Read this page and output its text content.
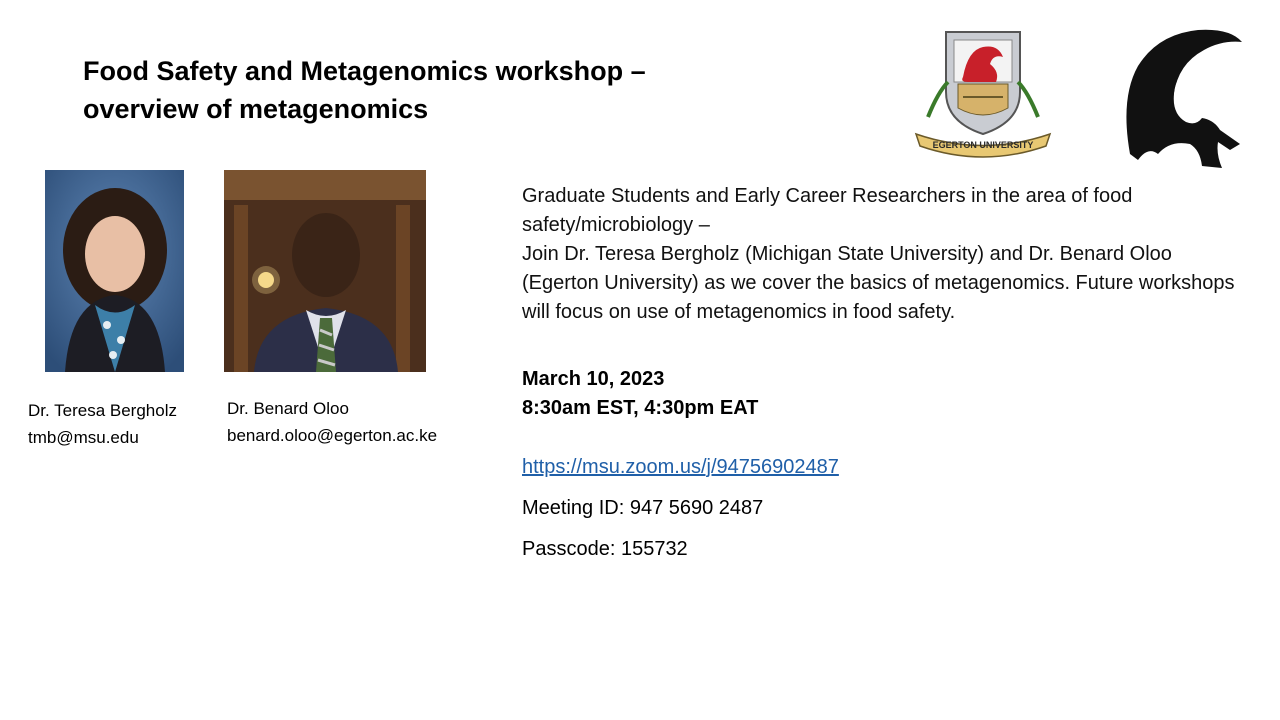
Food Safety and Metagenomics workshop –
overview of metagenomics
Dr. Teresa Bergholz
tmb@msu.edu
Dr. Benard Oloo
benard.oloo@egerton.ac.ke

Graduate Students and Early Career Researchers in the area of food safety/microbiology –

Join Dr. Teresa Bergholz (Michigan State University) and Dr. Benard Oloo (Egerton University) as we cover the basics of metagenomics. Future workshops will focus on use of metagenomics in food safety.

March 10, 2023
8:30am EST, 4:30pm EAT
https://msu.zoom.us/j/94756902487
Meeting ID: 947 5690 2487
Passcode: 155732
EGERTON UNIVERSITY
